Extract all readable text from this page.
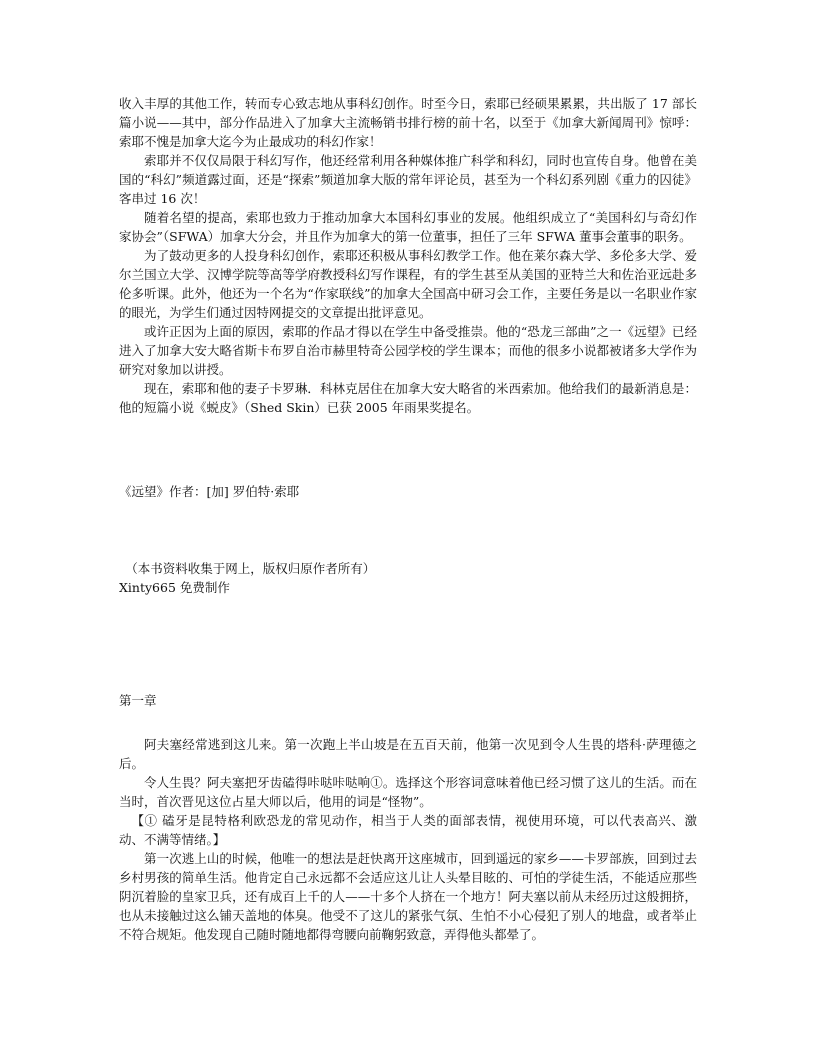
收入丰厚的其他工作，转而专心致志地从事科幻创作。时至今日，索耶已经硕果累累，共出版了 17 部长篇小说——其中，部分作品进入了加拿大主流畅销书排行榜的前十名，以至于《加拿大新闻周刊》惊呼：索耶不愧是加拿大迄今为止最成功的科幻作家！

索耶并不仅仅局限于科幻写作，他还经常利用各种媒体推广科学和科幻，同时也宣传自身。他曾在美国的“科幻”频道露过面，还是“探索”频道加拿大版的常年评论员，甚至为一个科幻系列剧《重力的囚徒》客串过 16 次！

随着名望的提高，索耶也致力于推动加拿大本国科幻事业的发展。他组织成立了“美国科幻与奇幻作家协会”（SFWA）加拿大分会，并且作为加拿大的第一位董事，担任了三年 SFWA 董事会董事的职务。

为了鼓动更多的人投身科幻创作，索耶还积极从事科幻教学工作。他在莱尔森大学、多伦多大学、爱尔兰国立大学、汉博学院等高等学府教授科幻写作课程，有的学生甚至从美国的亚特兰大和佐治亚远赴多伦多听课。此外，他还为一个名为“作家联线”的加拿大全国高中研习会工作，主要任务是以一名职业作家的眼光，为学生们通过因特网提交的文章提出批评意见。

或许正因为上面的原因，索耶的作品才得以在学生中备受推崇。他的“恐龙三部曲”之一《远望》已经进入了加拿大安大略省斯卡布罗自治市赫里特奇公园学校的学生课本；而他的很多小说都被诸多大学作为研究对象加以讲授。

现在，索耶和他的妻子卡罗琳．科林克居住在加拿大安大略省的米西索加。他给我们的最新消息是：他的短篇小说《蜕皮》（Shed Skin）已获 2005 年雨果奖提名。

《远望》作者：[加] 罗伯特·索耶

（本书资料收集于网上，版权归原作者所有）

Xinty665 免费制作

第一章

阿夫塞经常逃到这儿来。第一次跑上半山坡是在五百天前，他第一次见到令人生畏的塔科·萨理德之后。

令人生畏？阿夫塞把牙齿磕得咔哒咔哒响①。选择这个形容词意味着他已经习惯了这儿的生活。而在当时，首次晋见这位占星大师以后，他用的词是“怪物”。

【① 磕牙是昆特格利欧恐龙的常见动作，相当于人类的面部表情，视使用环境，可以代表高兴、激动、不满等情绪。】

第一次逃上山的时候，他唯一的想法是赶快离开这座城市，回到遥远的家乡——卡罗部族，回到过去乡村男孩的简单生活。他肯定自己永远都不会适应这儿让人头晕目眩的、可怕的学徒生活，不能适应那些阴沉着脸的皇家卫兵，还有成百上千的人——十多个人挤在一个地方！阿夫塞以前从未经历过这般拥挤，也从未接触过这么铺天盖地的体臭。他受不了这儿的紧张气氛、生怕不小心侵犯了别人的地盘，或者举止不符合规矩。他发现自己随时随地都得弯腰向前鞠躬致意，弄得他头都晕了。
